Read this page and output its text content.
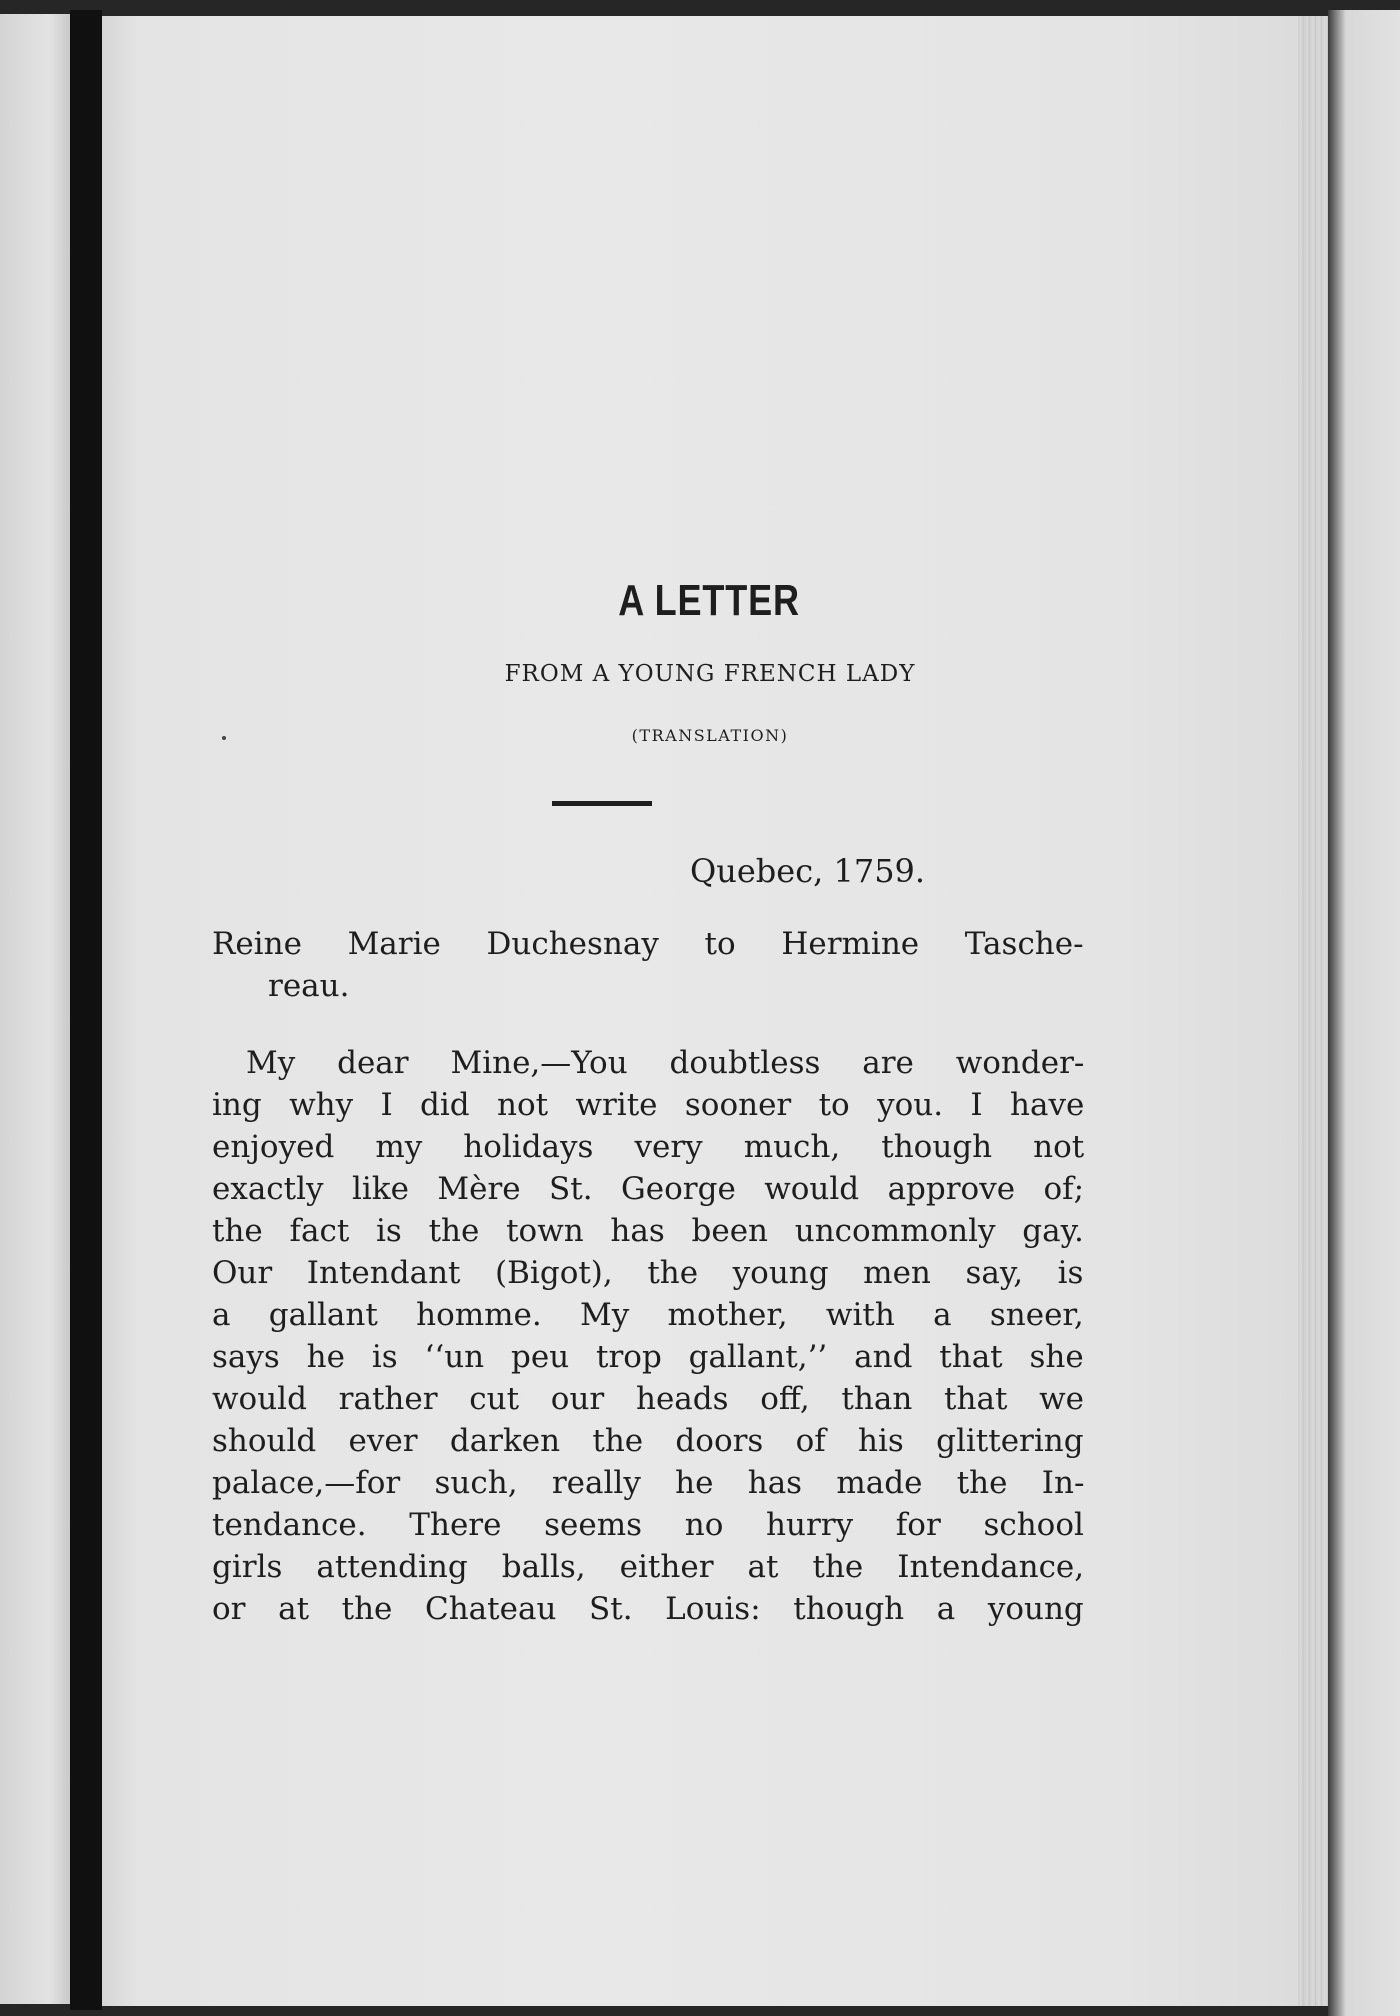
A LETTER

FROM A YOUNG FRENCH LADY

(TRANSLATION)

Quebec, 1759.

Reine Marie Duchesnay to Hermine Tasche-

reau.

My dear Mine,—You doubtless are wonder-

ing why I did not write sooner to you. I have

enjoyed my holidays very much, though not

exactly like Mère St. George would approve of;

the fact is the town has been uncommonly gay.

Our Intendant (Bigot), the young men say, is

a gallant homme. My mother, with a sneer,

says he is ‘‘un peu trop gallant,’’ and that she

would rather cut our heads off, than that we

should ever darken the doors of his glittering

palace,—for such, really he has made the In-

tendance. There seems no hurry for school

girls attending balls, either at the Intendance,

or at the Chateau St. Louis: though a young
